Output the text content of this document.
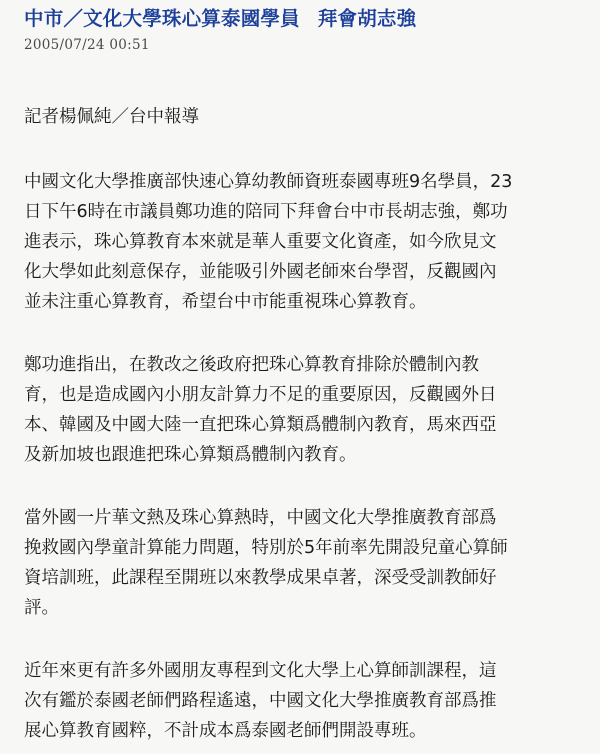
中市／文化大學珠心算泰國學員 拜會胡志強
2005/07/24 00:51
記者楊佩純／台中報導

中國文化大學推廣部快速心算幼教師資班泰國專班9名學員，23
日下午6時在市議員鄭功進的陪同下拜會台中市長胡志強，鄭功
進表示，珠心算教育本來就是華人重要文化資產，如今欣見文
化大學如此刻意保存，並能吸引外國老師來台學習，反觀國內
並未注重心算教育，希望台中市能重視珠心算教育。

鄭功進指出，在教改之後政府把珠心算教育排除於體制內教
育，也是造成國內小朋友計算力不足的重要原因，反觀國外日
本、韓國及中國大陸一直把珠心算類爲體制內教育，馬來西亞
及新加坡也跟進把珠心算類爲體制內教育。

當外國一片華文熱及珠心算熱時，中國文化大學推廣教育部爲
挽救國內學童計算能力問題，特別於5年前率先開設兒童心算師
資培訓班，此課程至開班以來教學成果卓著，深受受訓教師好
評。

近年來更有許多外國朋友專程到文化大學上心算師訓課程，這
次有鑑於泰國老師們路程遙遠，中國文化大學推廣教育部爲推
展心算教育國粹，不計成本爲泰國老師們開設專班。
